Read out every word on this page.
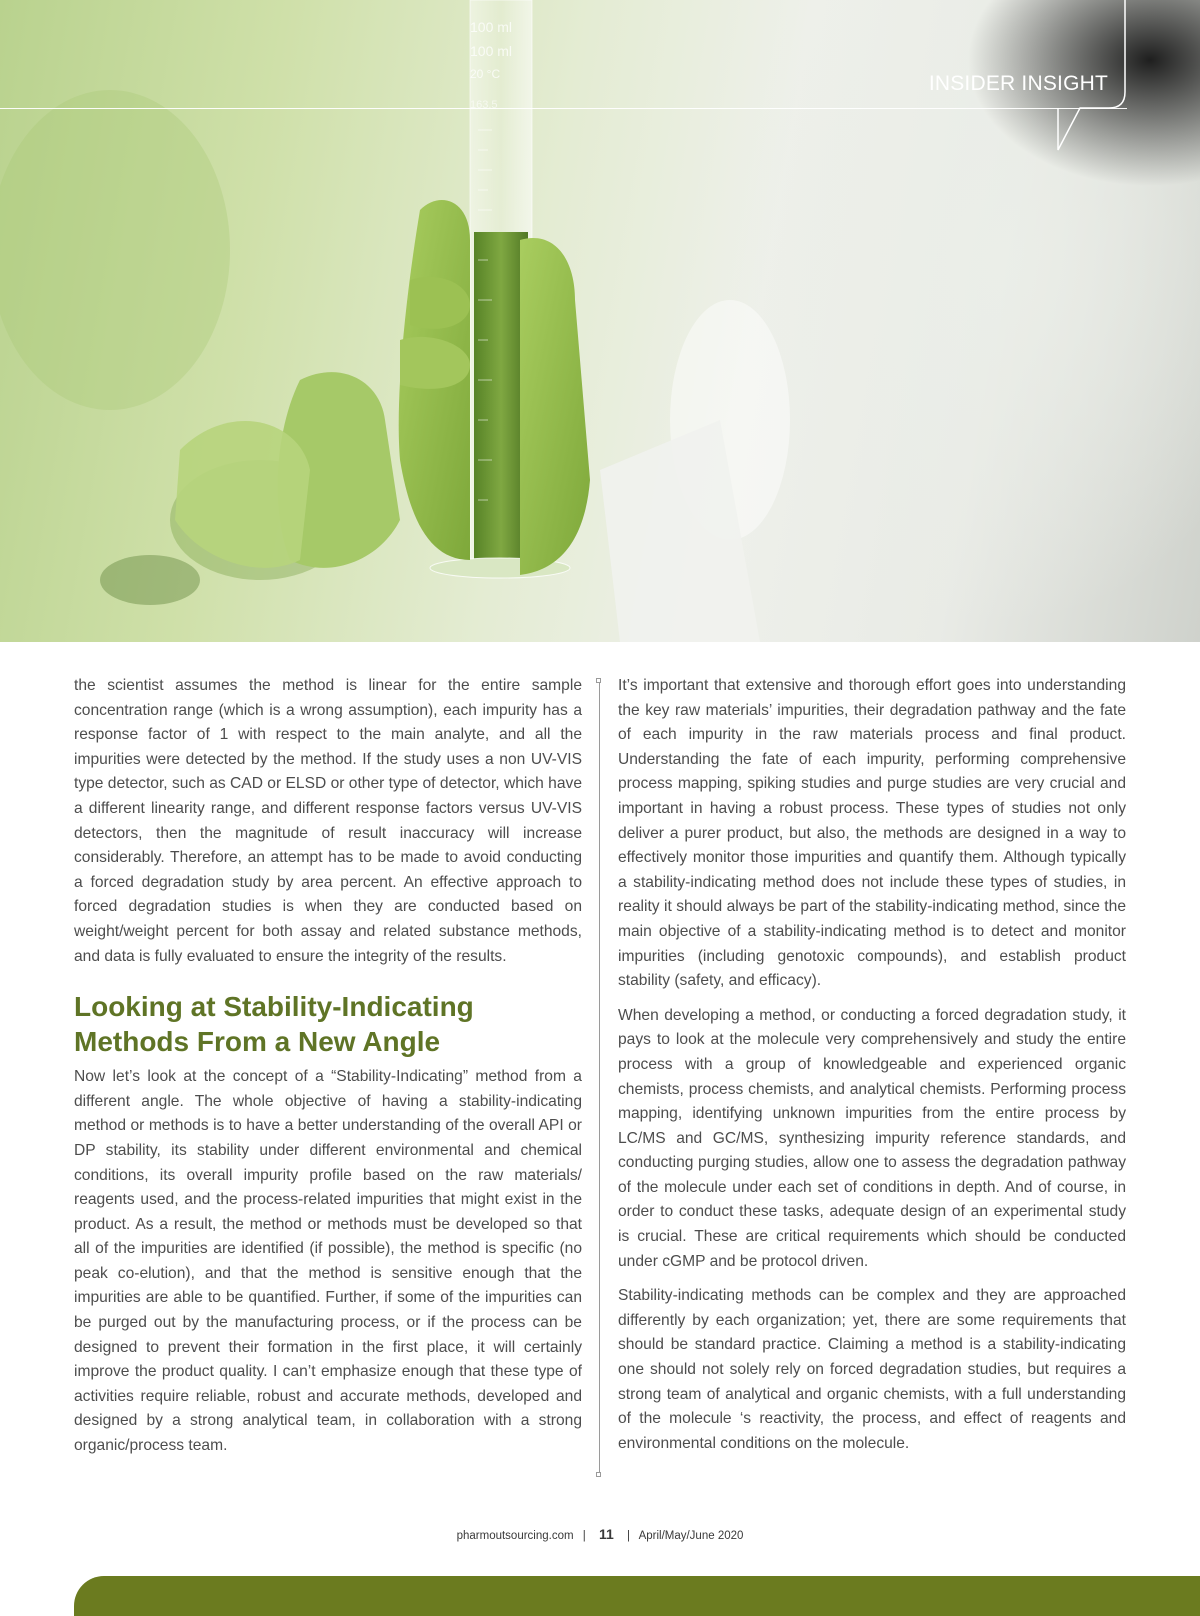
INSIDER INSIGHT
100 ml
100 ml
20 °C
163.5

the scientist assumes the method is linear for the entire sample concentration range (which is a wrong assumption), each impurity has a response factor of 1 with respect to the main analyte, and all the impurities were detected by the method. If the study uses a non UV-VIS type detector, such as CAD or ELSD or other type of detector, which have a different linearity range, and different response factors versus UV-VIS detectors, then the magnitude of result inaccuracy will increase considerably. Therefore, an attempt has to be made to avoid conducting a forced degradation study by area percent. An effective approach to forced degradation studies is when they are conducted based on weight/weight percent for both assay and related substance methods, and data is fully evaluated to ensure the integrity of the results.

Looking at Stability-Indicating Methods From a New Angle

Now let’s look at the concept of a “Stability-Indicating” method from a different angle. The whole objective of having a stability-indicating method or methods is to have a better understanding of the overall API or DP stability, its stability under different environmental and chemical conditions, its overall impurity profile based on the raw materials/ reagents used, and the process-related impurities that might exist in the product. As a result, the method or methods must be developed so that all of the impurities are identified (if possible), the method is specific (no peak co-elution), and that the method is sensitive enough that the impurities are able to be quantified. Further, if some of the impurities can be purged out by the manufacturing process, or if the process can be designed to prevent their formation in the first place, it will certainly improve the product quality. I can’t emphasize enough that these type of activities require reliable, robust and accurate methods, developed and designed by a strong analytical team, in collaboration with a strong organic/process team.

It’s important that extensive and thorough effort goes into understanding the key raw materials’ impurities, their degradation pathway and the fate of each impurity in the raw materials process and final product. Understanding the fate of each impurity, performing comprehensive process mapping, spiking studies and purge studies are very crucial and important in having a robust process. These types of studies not only deliver a purer product, but also, the methods are designed in a way to effectively monitor those impurities and quantify them. Although typically a stability-indicating method does not include these types of studies, in reality it should always be part of the stability-indicating method, since the main objective of a stability-indicating method is to detect and monitor impurities (including genotoxic compounds), and establish product stability (safety, and efficacy).

When developing a method, or conducting a forced degradation study, it pays to look at the molecule very comprehensively and study the entire process with a group of knowledgeable and experienced organic chemists, process chemists, and analytical chemists. Performing process mapping, identifying unknown impurities from the entire process by LC/MS and GC/MS, synthesizing impurity reference standards, and conducting purging studies, allow one to assess the degradation pathway of the molecule under each set of conditions in depth. And of course, in order to conduct these tasks, adequate design of an experimental study is crucial. These are critical requirements which should be conducted under cGMP and be protocol driven.

Stability-indicating methods can be complex and they are approached differently by each organization; yet, there are some requirements that should be standard practice. Claiming a method is a stability-indicating one should not solely rely on forced degradation studies, but requires a strong team of analytical and organic chemists, with a full understanding of the molecule ‘s reactivity, the process, and effect of reagents and environmental conditions on the molecule.

pharmoutsourcing.com | 11 | April/May/June 2020
